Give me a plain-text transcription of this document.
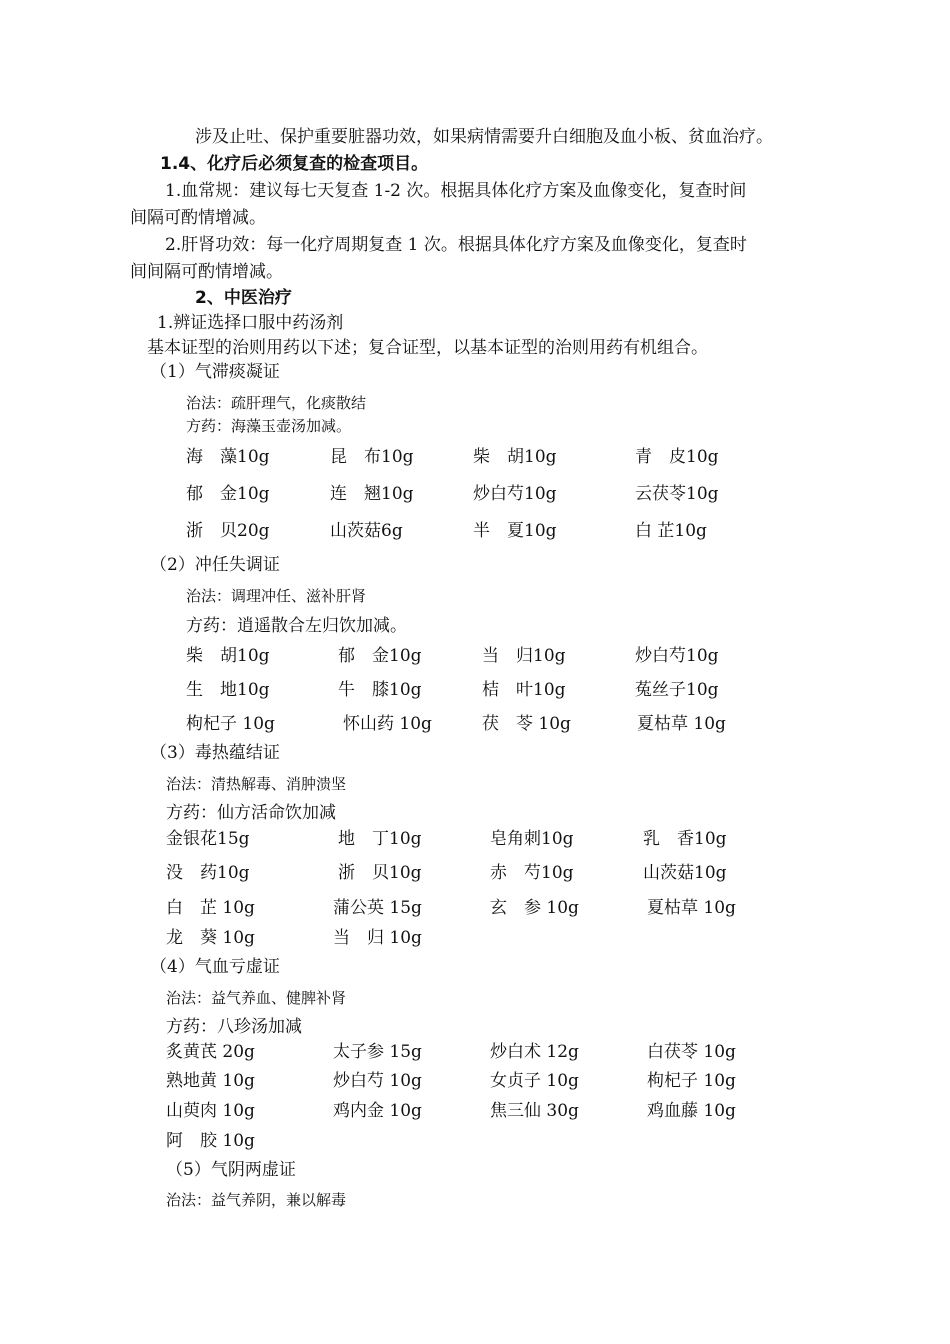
涉及止吐、保护重要脏器功效，如果病情需要升白细胞及血小板、贫血治疗。
1.4、化疗后必须复查的检查项目。
1.血常规：建议每七天复查 1-2 次。根据具体化疗方案及血像变化，复查时间
间隔可酌情增减。
2.肝肾功效：每一化疗周期复查 1 次。根据具体化疗方案及血像变化，复查时
间间隔可酌情增减。
2、中医治疗
1.辨证选择口服中药汤剂
基本证型的治则用药以下述；复合证型，以基本证型的治则用药有机组合。
（1）气滞痰凝证
治法：疏肝理气，化痰散结
方药：海藻玉壶汤加减。
海　藻10g	昆　布10g	柴　胡10g	青　皮10g
郁　金10g	连　翘10g	炒白芍10g	云茯苓10g
浙　贝20g	山茨菇6g	半　夏10g	白 芷10g
（2）冲任失调证
治法：调理冲任、滋补肝肾
方药：逍遥散合左归饮加减。
柴　胡10g	郁　金10g	当　归10g	炒白芍10g
生　地10g	牛　膝10g	桔　叶10g	菟丝子10g
枸杞子 10g	怀山药 10g	茯　苓 10g	夏枯草 10g
（3）毒热蕴结证
治法：清热解毒、消肿溃坚
方药：仙方活命饮加减
金银花15g	地　丁10g	皂角刺10g	乳　香10g
没　药10g	浙　贝10g	赤　芍10g	山茨菇10g
白　芷 10g	蒲公英 15g	玄　参 10g	夏枯草 10g
龙　葵 10g	当　归 10g
（4）气血亏虚证
治法：益气养血、健脾补肾
方药：八珍汤加减
炙黄芪 20g	太子参 15g	炒白术 12g	白茯苓 10g
熟地黄 10g	炒白芍 10g	女贞子 10g	枸杞子 10g
山萸肉 10g	鸡内金 10g	焦三仙 30g	鸡血藤 10g
阿　胶 10g
（5）气阴两虚证
治法：益气养阴，兼以解毒
